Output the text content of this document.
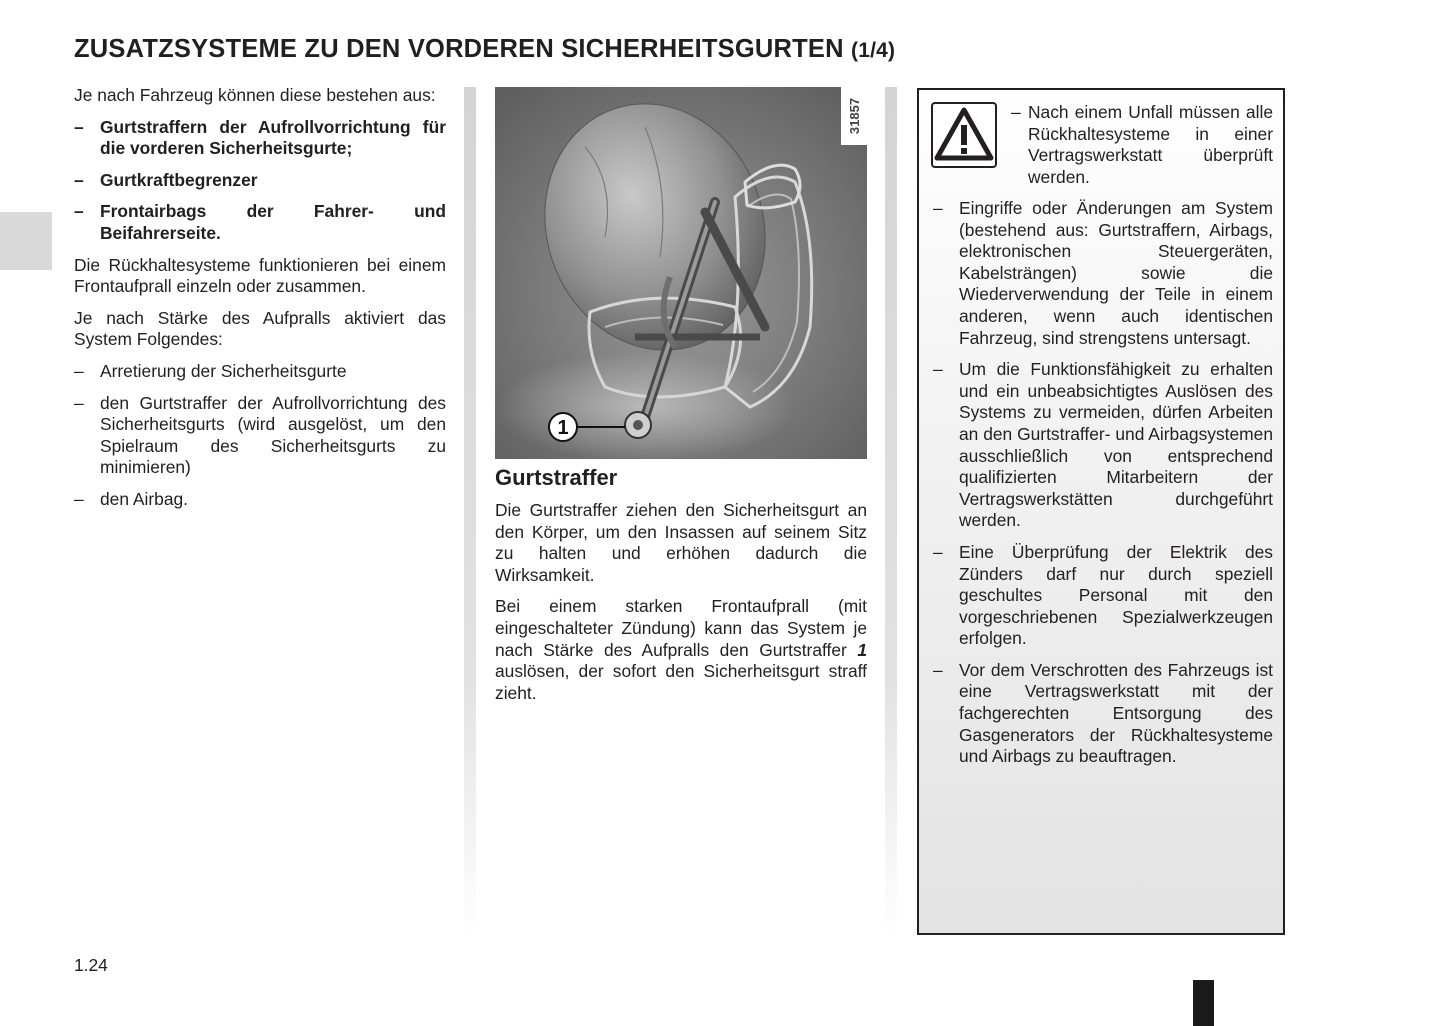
ZUSATZSYSTEME ZU DEN VORDEREN SICHERHEITSGURTEN (1/4)

Je nach Fahrzeug können diese bestehen aus:

– Gurtstraffern der Aufrollvorrichtung für die vorderen Sicherheitsgurte;
– Gurtkraftbegrenzer
– Frontairbags der Fahrer- und Beifahrerseite.

Die Rückhaltesysteme funktionieren bei einem Frontaufprall einzeln oder zusammen.

Je nach Stärke des Aufpralls aktiviert das System Folgendes:

– Arretierung der Sicherheitsgurte
– den Gurtstraffer der Aufrollvorrichtung des Sicherheitsgurts (wird ausgelöst, um den Spielraum des Sicherheitsgurts zu minimieren)
– den Airbag.
1
31857
Gurtstraffer

Die Gurtstraffer ziehen den Sicherheitsgurt an den Körper, um den Insassen auf seinem Sitz zu halten und erhöhen dadurch die Wirksamkeit.

Bei einem starken Frontaufprall (mit eingeschalteter Zündung) kann das System je nach Stärke des Aufpralls den Gurtstraffer 1 auslösen, der sofort den Sicherheitsgurt straff zieht.

– Nach einem Unfall müssen alle Rückhaltesysteme in einer Vertragswerkstatt überprüft werden.
– Eingriffe oder Änderungen am System (bestehend aus: Gurtstraffern, Airbags, elektronischen Steuergeräten, Kabelsträngen) sowie die Wiederverwendung der Teile in einem anderen, wenn auch identischen Fahrzeug, sind strengstens untersagt.
– Um die Funktionsfähigkeit zu erhalten und ein unbeabsichtigtes Auslösen des Systems zu vermeiden, dürfen Arbeiten an den Gurtstraffer- und Airbagsystemen ausschließlich von entsprechend qualifizierten Mitarbeitern der Vertragswerkstätten durchgeführt werden.
– Eine Überprüfung der Elektrik des Zünders darf nur durch speziell geschultes Personal mit den vorgeschriebenen Spezialwerkzeugen erfolgen.
– Vor dem Verschrotten des Fahrzeugs ist eine Vertragswerkstatt mit der fachgerechten Entsorgung des Gasgenerators der Rückhaltesysteme und Airbags zu beauftragen.
1.24
